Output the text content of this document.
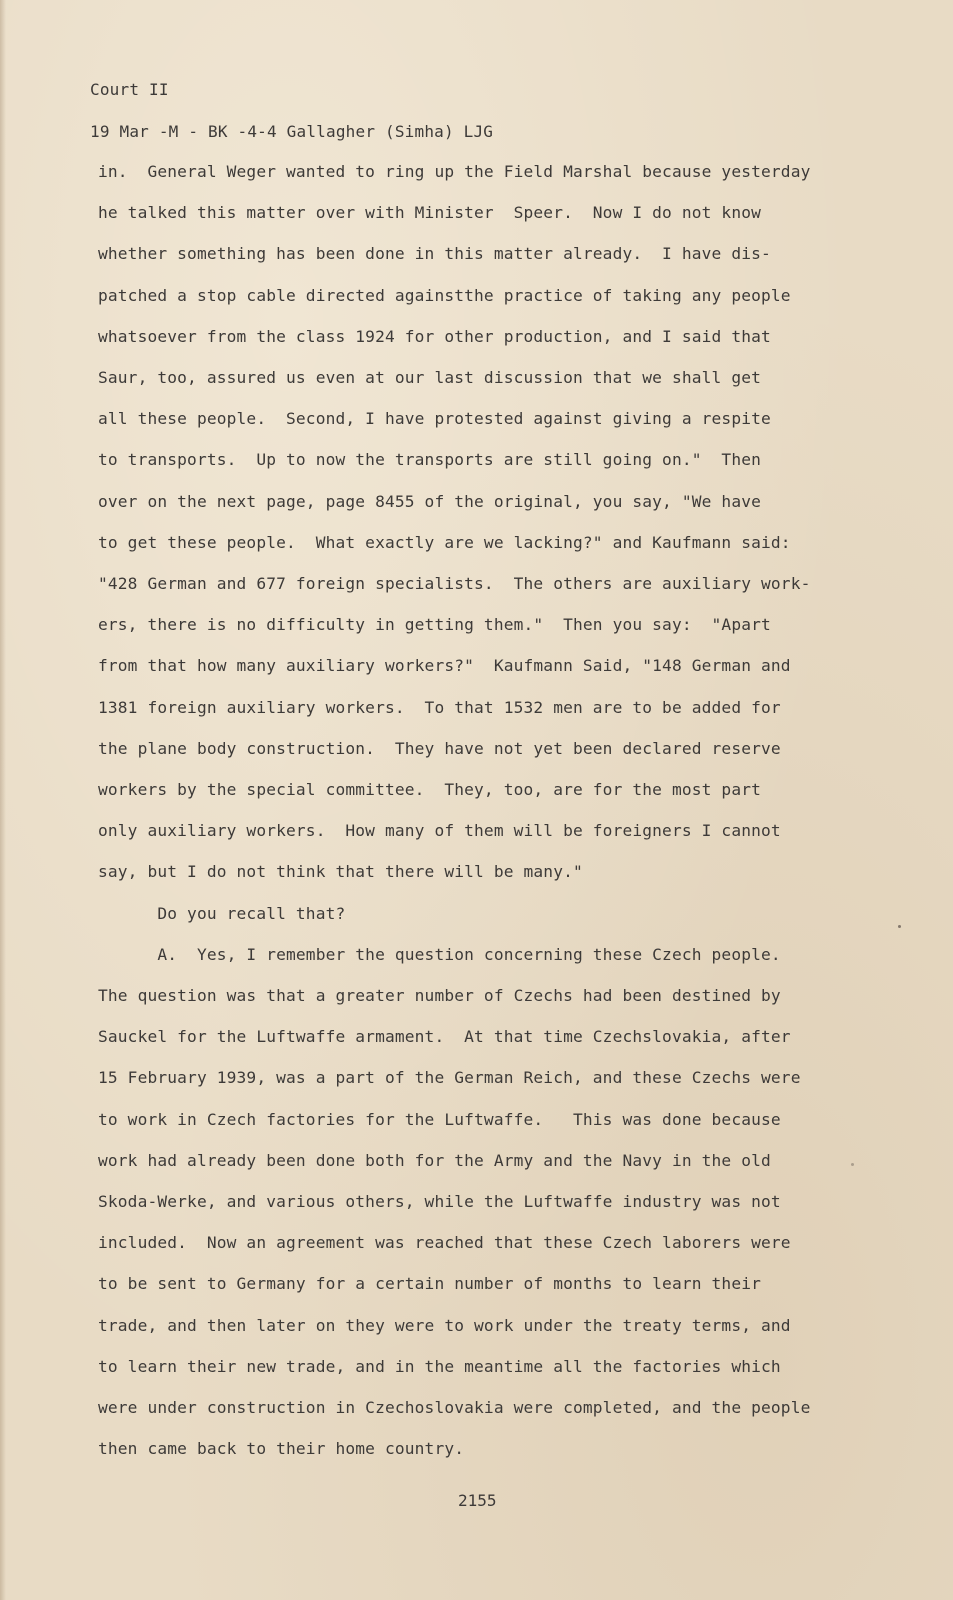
Court II
19 Mar -M - BK -4-4 Gallagher (Simha) LJG
in.  General Weger wanted to ring up the Field Marshal because yesterday
he talked this matter over with Minister  Speer.  Now I do not know
whether something has been done in this matter already.  I have dis-
patched a stop cable directed againstthe practice of taking any people
whatsoever from the class 1924 for other production, and I said that
Saur, too, assured us even at our last discussion that we shall get
all these people.  Second, I have protested against giving a respite
to transports.  Up to now the transports are still going on."  Then
over on the next page, page 8455 of the original, you say, "We have
to get these people.  What exactly are we lacking?" and Kaufmann said:
"428 German and 677 foreign specialists.  The others are auxiliary work-
ers, there is no difficulty in getting them."  Then you say:  "Apart
from that how many auxiliary workers?"  Kaufmann Said, "148 German and
1381 foreign auxiliary workers.  To that 1532 men are to be added for
the plane body construction.  They have not yet been declared reserve
workers by the special committee.  They, too, are for the most part
only auxiliary workers.  How many of them will be foreigners I cannot
say, but I do not think that there will be many."
Do you recall that?
A.  Yes, I remember the question concerning these Czech people.
The question was that a greater number of Czechs had been destined by
Sauckel for the Luftwaffe armament.  At that time Czechslovakia, after
15 February 1939, was a part of the German Reich, and these Czechs were
to work in Czech factories for the Luftwaffe.   This was done because
work had already been done both for the Army and the Navy in the old
Skoda-Werke, and various others, while the Luftwaffe industry was not
included.  Now an agreement was reached that these Czech laborers were
to be sent to Germany for a certain number of months to learn their
trade, and then later on they were to work under the treaty terms, and
to learn their new trade, and in the meantime all the factories which
were under construction in Czechoslovakia were completed, and the people
then came back to their home country.
2155
